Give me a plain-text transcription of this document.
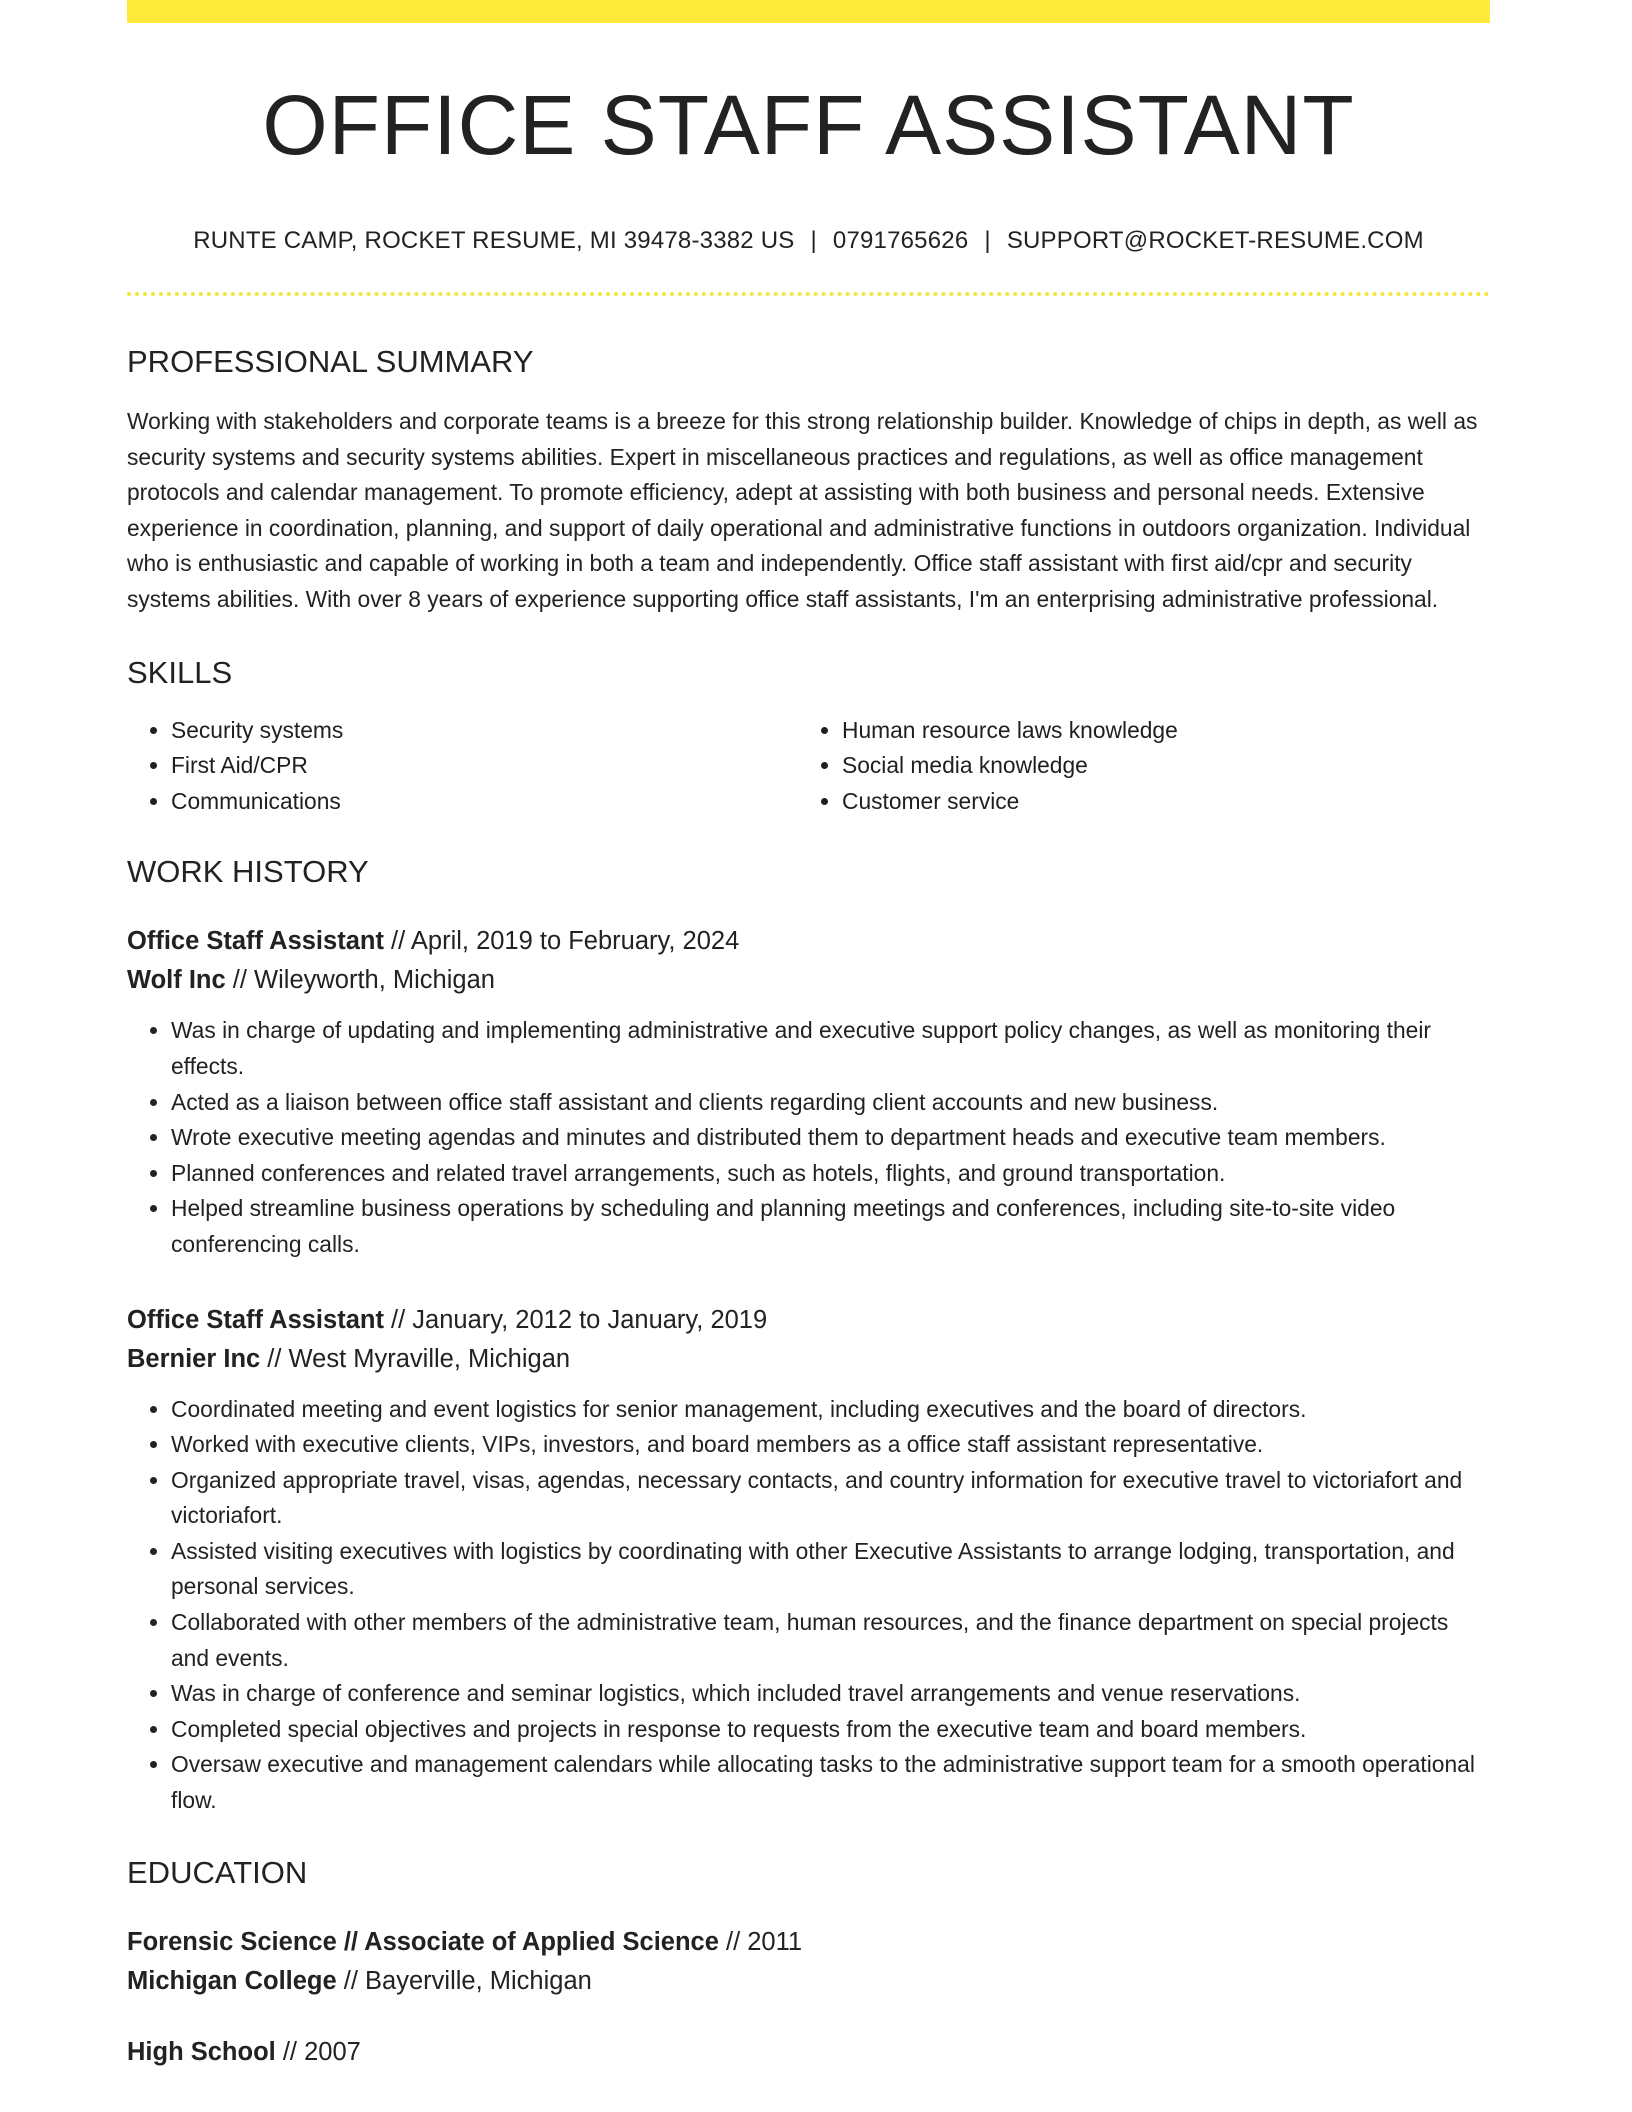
OFFICE STAFF ASSISTANT
RUNTE CAMP, ROCKET RESUME, MI 39478-3382 US | 0791765626 | SUPPORT@ROCKET-RESUME.COM
PROFESSIONAL SUMMARY

Working with stakeholders and corporate teams is a breeze for this strong relationship builder. Knowledge of chips in depth, as well as security systems and security systems abilities. Expert in miscellaneous practices and regulations, as well as office management protocols and calendar management. To promote efficiency, adept at assisting with both business and personal needs. Extensive experience in coordination, planning, and support of daily operational and administrative functions in outdoors organization. Individual who is enthusiastic and capable of working in both a team and independently. Office staff assistant with first aid/cpr and security systems abilities. With over 8 years of experience supporting office staff assistants, I'm an enterprising administrative professional.

SKILLS
• Security systems
• First Aid/CPR
• Communications
• Human resource laws knowledge
• Social media knowledge
• Customer service
WORK HISTORY
Office Staff Assistant // April, 2019 to February, 2024
Wolf Inc // Wileyworth, Michigan
• Was in charge of updating and implementing administrative and executive support policy changes, as well as monitoring their effects.
• Acted as a liaison between office staff assistant and clients regarding client accounts and new business.
• Wrote executive meeting agendas and minutes and distributed them to department heads and executive team members.
• Planned conferences and related travel arrangements, such as hotels, flights, and ground transportation.
• Helped streamline business operations by scheduling and planning meetings and conferences, including site-to-site video conferencing calls.
Office Staff Assistant // January, 2012 to January, 2019
Bernier Inc // West Myraville, Michigan
• Coordinated meeting and event logistics for senior management, including executives and the board of directors.
• Worked with executive clients, VIPs, investors, and board members as a office staff assistant representative.
• Organized appropriate travel, visas, agendas, necessary contacts, and country information for executive travel to victoriafort and victoriafort.
• Assisted visiting executives with logistics by coordinating with other Executive Assistants to arrange lodging, transportation, and personal services.
• Collaborated with other members of the administrative team, human resources, and the finance department on special projects and events.
• Was in charge of conference and seminar logistics, which included travel arrangements and venue reservations.
• Completed special objectives and projects in response to requests from the executive team and board members.
• Oversaw executive and management calendars while allocating tasks to the administrative support team for a smooth operational flow.
EDUCATION
Forensic Science // Associate of Applied Science // 2011
Michigan College // Bayerville, Michigan
High School // 2007
